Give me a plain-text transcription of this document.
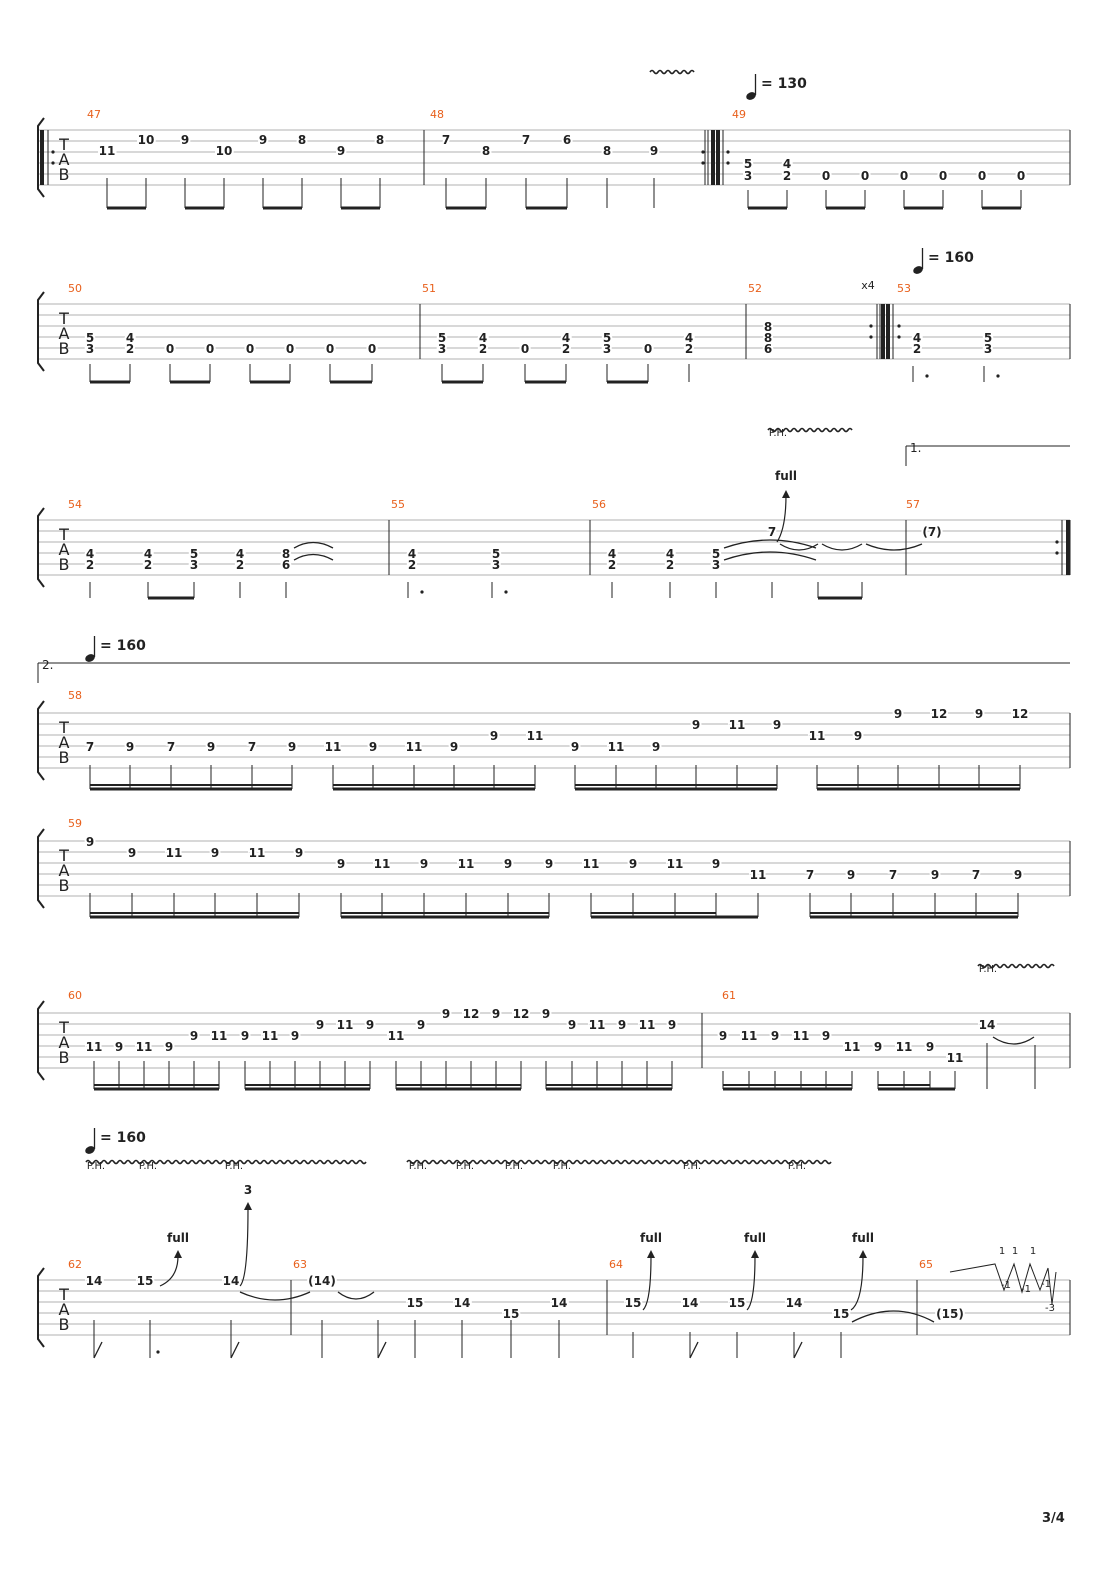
T
A
B
47	48	49
11
10 9
10
9	8
9
8	7
8
7	6
8	9
5
3
4
2	0	0	0	0	0	0
= 130
T
A
B
50	51	52	53
x4
= 160
5
3
4
2	0	0	0	0	0	0
5
3
4
2	0
4
2
5
3	0
4
2
8
8
6
4
2
5
3
T
A
B
54	55	56	57
4
2
4
2
5
3
4
2
8
6
4
2
5
3
4
2
4
2
5
3
7	(7)
full
P.H.
1.
T
A
B
58
7	9	7	9	7	9 11 9 11 9
9 11
9 11 9
9 11 9
11 9
9 12 9 12
= 160
2.
T
A
B
59
9
9 11 9 11 9
9 11 9 11 9	9 11 9 11 9
11	7	9	7	9	7	9
T
A
B
60	61
11 9 11 9
9 11 9 11 9
9 11 9
11
9
9 12 9 12 9
9 11 9 11 9
9 11 9 11 9
11 9 11 9
11
14
P.H.
T
A
B
62	63	64	65
= 160
P.H.	P.H.	P.H.	P.H.	P.H.	P.H.	P.H.	P.H.	P.H.
14	15	14	(14)
15	14
15
14	15	14	15	14
15	(15)
full
3
full	full	full
1 1 1
-1 -1 -1
-3
3/4
